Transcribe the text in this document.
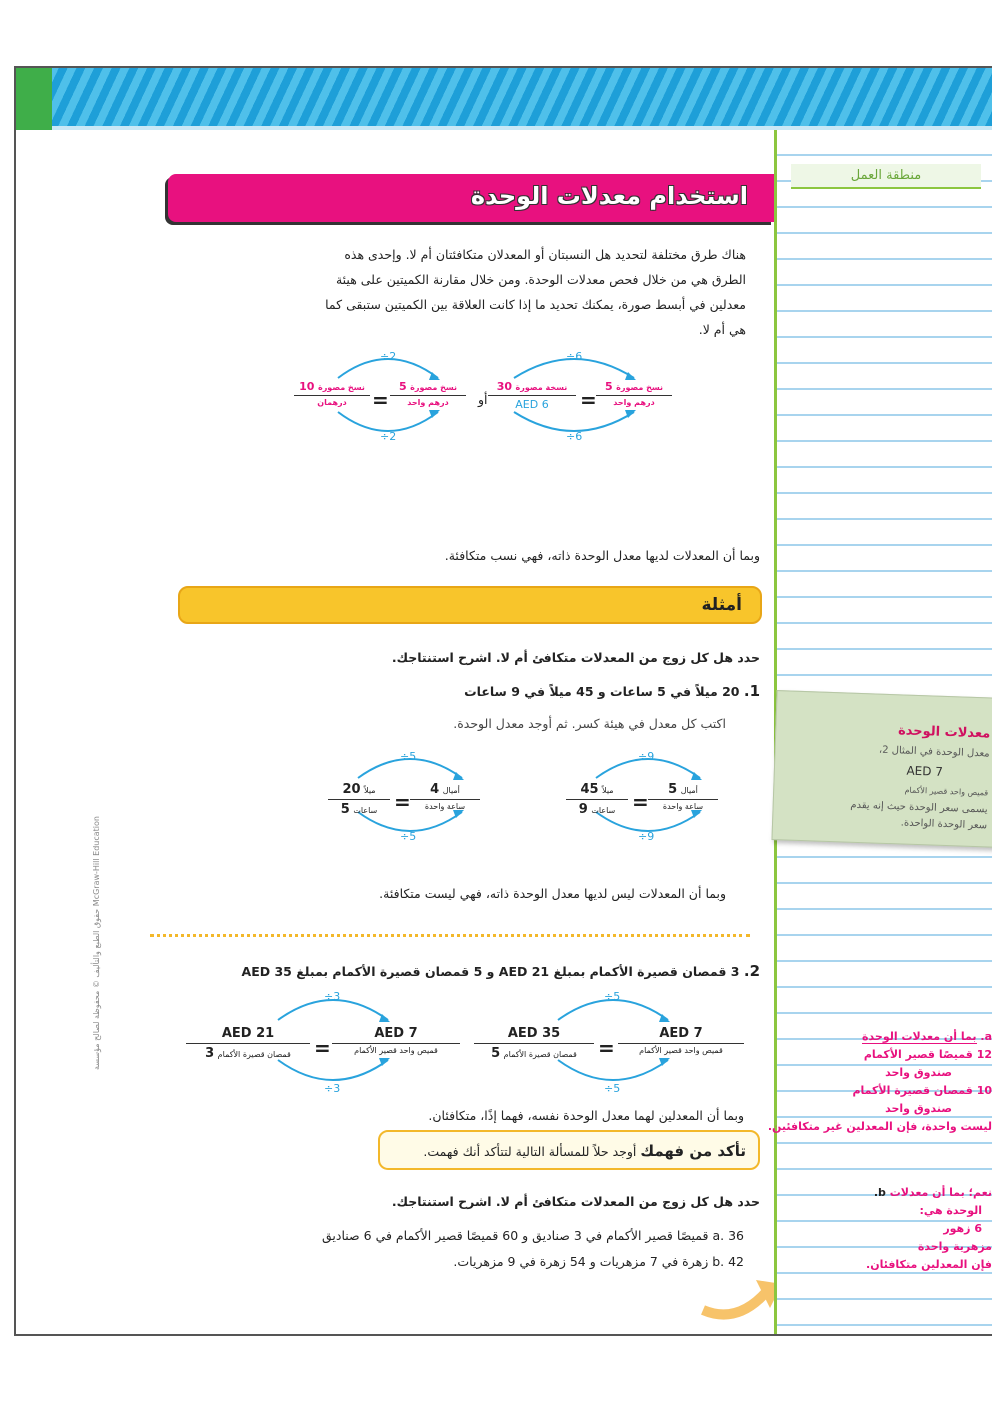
استخدام معدلات الوحدة
هناك طرق مختلفة لتحديد هل النسبتان أو المعدلان متكافئتان أم لا. وإحدى هذه
الطرق هي من خلال فحص معدلات الوحدة. ومن خلال مقارنة الكميتين على هيئة
معدلين في أبسط صورة، يمكنك تحديد ما إذا كانت العلاقة بين الكميتين ستبقى كما
هي أم لا.
÷6
÷6
30 نسخة مصورة
AED 6	=
5 نسخ مصورة
درهم واحد
أو
÷2
÷2
10 نسخ مصورة
درهمان	=
5 نسخ مصورة
درهم واحد
وبما أن المعدلات لديها معدل الوحدة ذاته، فهي نسب متكافئة.
أمثلة
حدد هل كل زوج من المعدلات متكافئ أم لا. اشرح استنتاجك.
1. 20 ميلاً في 5 ساعات و 45 ميلاً في 9 ساعات
اكتب كل معدل في هيئة كسر. ثم أوجد معدل الوحدة.
÷9
÷9
45 ميلاً
9 ساعات =
5 أميال
ساعة واحدة
÷5
÷5
20 ميلاً
5 ساعات =
4 أميال
ساعة واحدة
وبما أن المعدلات ليس لديها معدل الوحدة ذاته، فهي ليست متكافئة.
2. 3 قمصان قصيرة الأكمام بمبلغ AED 21 و 5 قمصان قصيرة الأكمام بمبلغ AED 35
÷5
÷5
AED 35
5 قمصان قصيرة الأكمام	=
AED 7
قميص واحد قصير الأكمام
÷3
÷3
AED 21
3 قمصان قصيرة الأكمام	=
AED 7
قميص واحد قصير الأكمام
وبما أن المعدلين لهما معدل الوحدة نفسه، فهما إذًا، متكافئان.
تأكد من فهمك أوجد حلاً للمسألة التالية لتتأكد أنك فهمت.
حدد هل كل زوج من المعدلات متكافئ أم لا. اشرح استنتاجك.
a. 36 قميصًا قصير الأكمام في 3 صناديق و 60 قميصًا قصير الأكمام في 6 صناديق
b. 42 زهرة في 7 مزهريات و 54 زهرة في 9 مزهريات.
حقوق الطبع والتأليف © محفوظة لصالح مؤسسة McGraw-Hill Education
منطقة العمل
a. بما أن معدلات الوحدة
12 قميصًا قصير الأكمام
صندوق واحد
10 قمصان قصيرة الأكمام
صندوق واحد
ليست واحدة، فإن المعدلين غير متكافئين.
نعم؛ بما أن معدلات b.
الوحدة هي:
6 زهور
مزهرية واحدة
فإن المعدلين متكافئان.
معدلات الوحدة
معدل الوحدة في المثال 2،
AED 7
قميص واحد قصير الأكمام
يسمى سعر الوحدة حيث إنه يقدم
سعر الوحدة الواحدة.
